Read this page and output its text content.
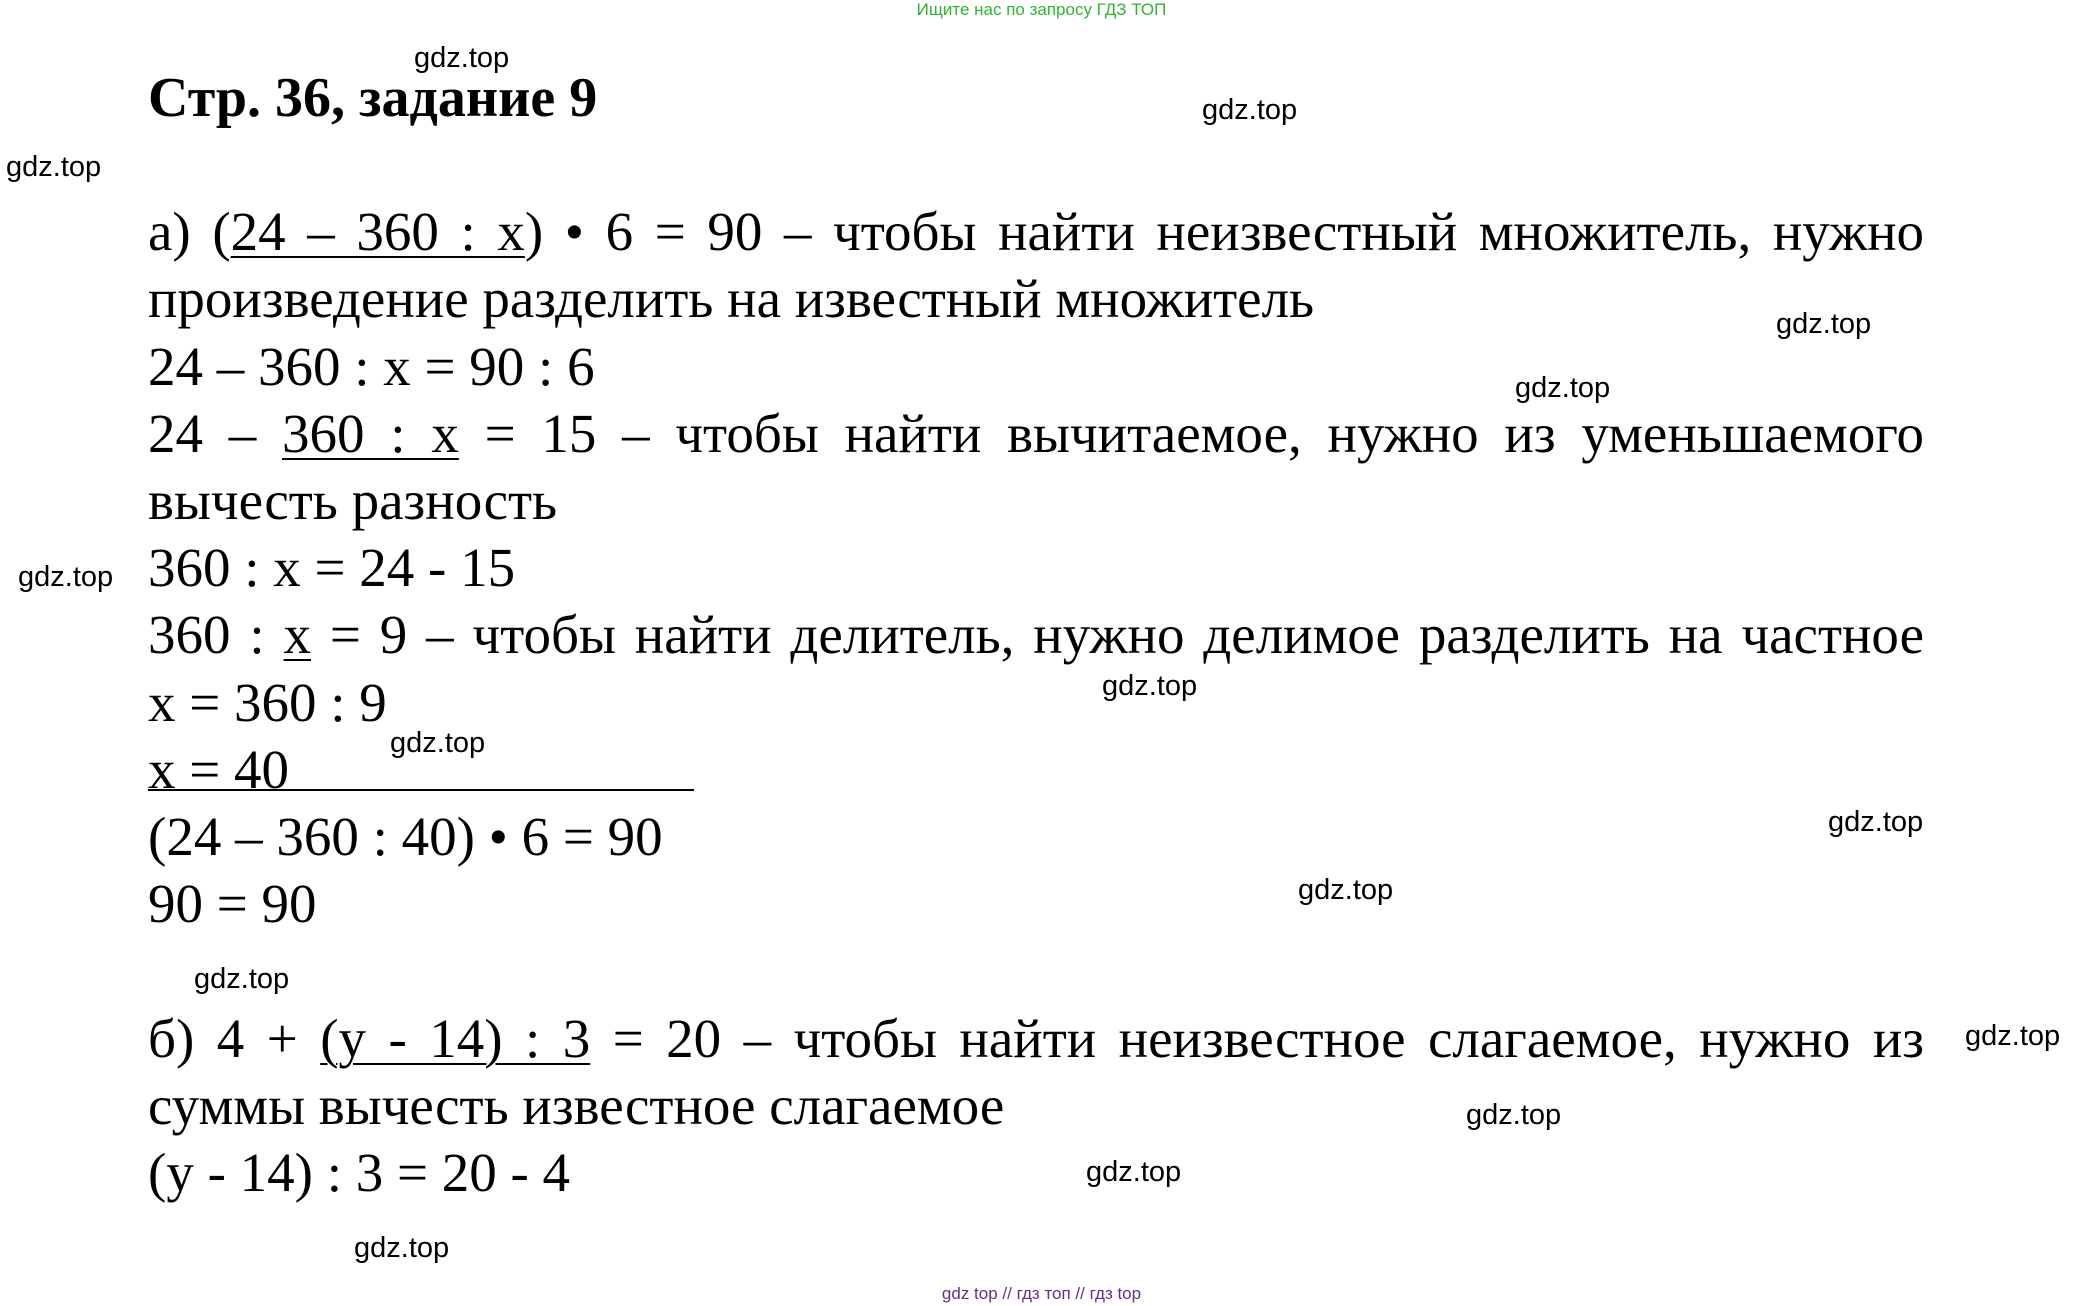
Ищите нас по запросу ГДЗ ТОП
Стр. 36, задание 9
а) (24 – 360 : x) • 6 = 90 – чтобы найти неизвестный множитель, нужно
произведение разделить на известный множитель
24 – 360 : x = 90 : 6
24 – 360 : x = 15 – чтобы найти вычитаемое, нужно из уменьшаемого
вычесть разность
360 : x = 24 - 15
360 : x = 9 – чтобы найти делитель, нужно делимое разделить на частное
x = 360 : 9
x = 40
(24 – 360 : 40) • 6 = 90
90 = 90
б) 4 + (y - 14) : 3 = 20 – чтобы найти неизвестное слагаемое, нужно из
суммы вычесть известное слагаемое
(y - 14) : 3 = 20 - 4
gdz.top
gdz.top
gdz.top
gdz.top
gdz.top
gdz.top
gdz.top
gdz.top
gdz.top
gdz.top
gdz.top
gdz.top
gdz.top
gdz.top
gdz.top
gdz top // гдз топ // гдз top
